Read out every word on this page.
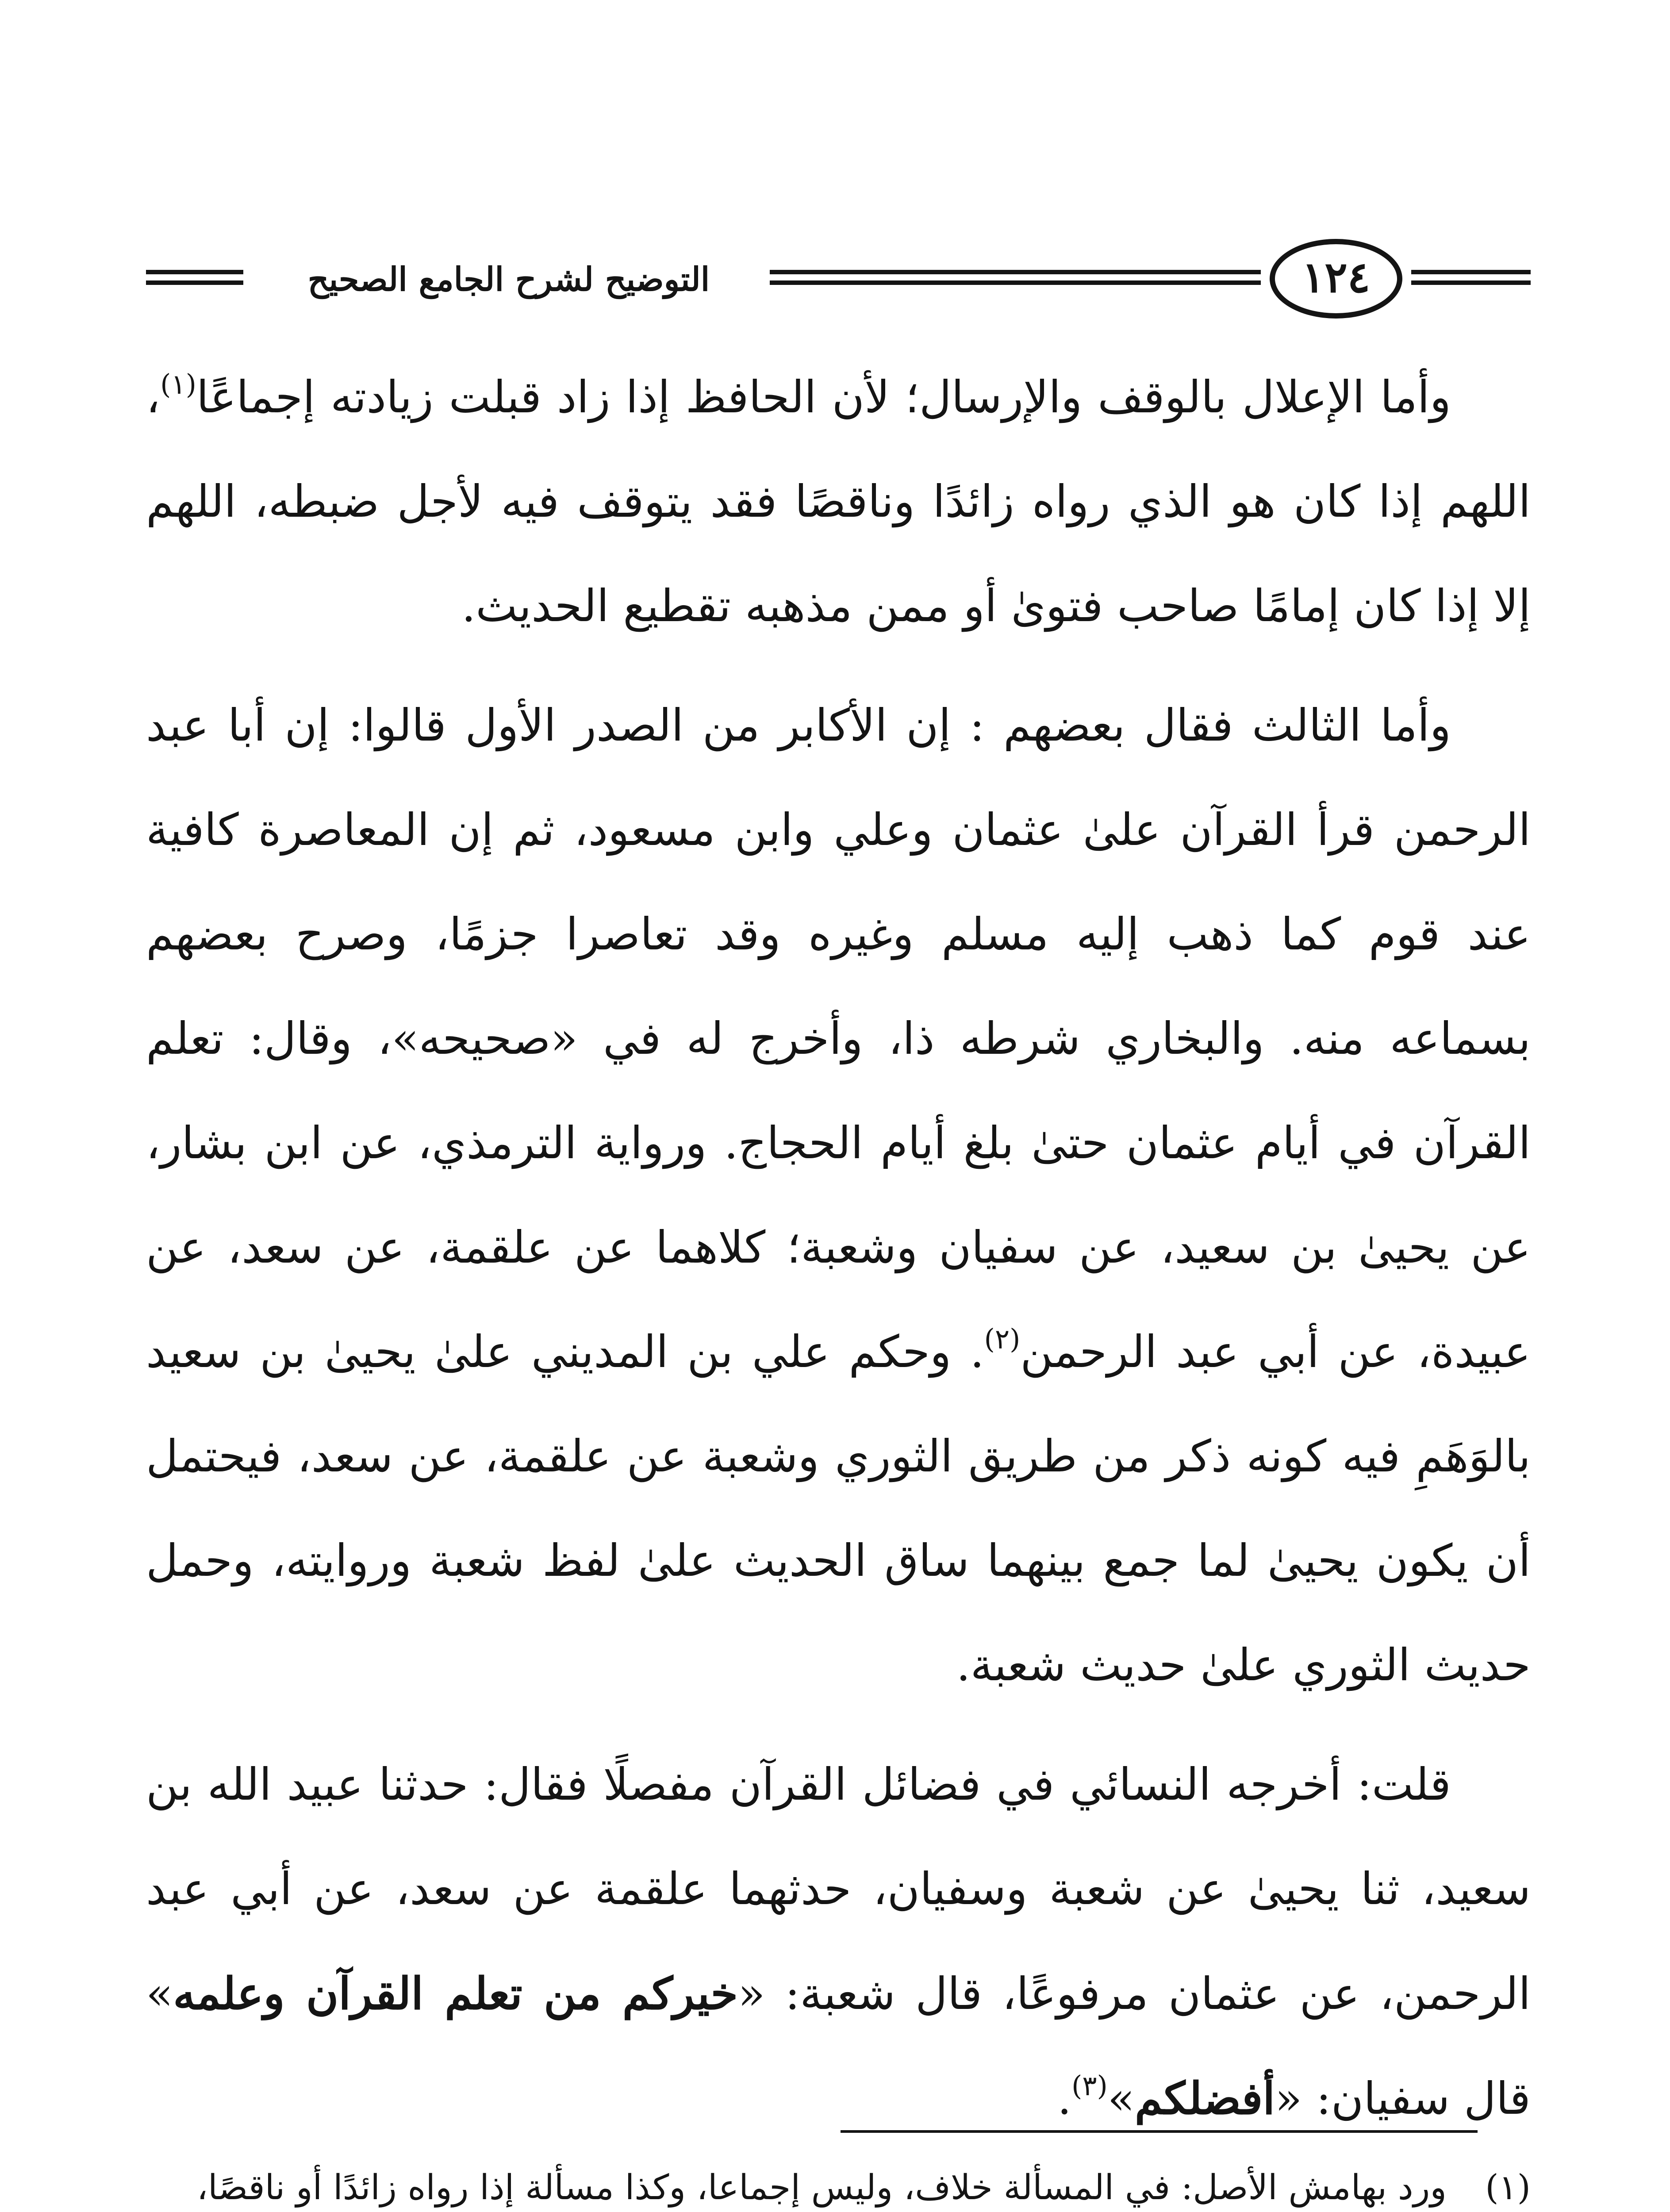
التوضيح لشرح الجامع الصحيح	١٢٤

وأما الإعلال بالوقف والإرسال؛ لأن الحافظ إذا زاد قبلت زيادته إجماعًا$^{(١)}$، اللهم إذا كان هو الذي رواه زائدًا وناقصًا فقد يتوقف فيه لأجل ضبطه، اللهم إلا إذا كان إمامًا صاحب فتوىٰ أو ممن مذهبه تقطيع الحديث.

وأما الثالث فقال بعضهم : إن الأكابر من الصدر الأول قالوا: إن أبا عبد الرحمن قرأ القرآن علىٰ عثمان وعلي وابن مسعود، ثم إن المعاصرة كافية عند قوم كما ذهب إليه مسلم وغيره وقد تعاصرا جزمًا، وصرح بعضهم بسماعه منه. والبخاري شرطه ذا، وأخرج له في «صحيحه»، وقال: تعلم القرآن في أيام عثمان حتىٰ بلغ أيام الحجاج. ورواية الترمذي، عن ابن بشار، عن يحيىٰ بن سعيد، عن سفيان وشعبة؛ كلاهما عن علقمة، عن سعد، عن عبيدة، عن أبي عبد الرحمن$^{(٢)}$. وحكم علي بن المديني علىٰ يحيىٰ بن سعيد بالوَهَمِ فيه كونه ذكر من طريق الثوري وشعبة عن علقمة، عن سعد، فيحتمل أن يكون يحيىٰ لما جمع بينهما ساق الحديث علىٰ لفظ شعبة وروايته، وحمل حديث الثوري علىٰ حديث شعبة.

قلت: أخرجه النسائي في فضائل القرآن مفصلًا فقال: حدثنا عبيد الله بن سعيد، ثنا يحيىٰ عن شعبة وسفيان، حدثهما علقمة عن سعد، عن أبي عبد الرحمن، عن عثمان مرفوعًا، قال شعبة: «خيركم من تعلم القرآن وعلمه» قال سفيان: «أفضلكم»$^{(٣)}$.

(١)
ورد بهامش الأصل: في المسألة خلاف، وليس إجماعا، وكذا مسألة إذا رواه زائدًا أو ناقصًا،
